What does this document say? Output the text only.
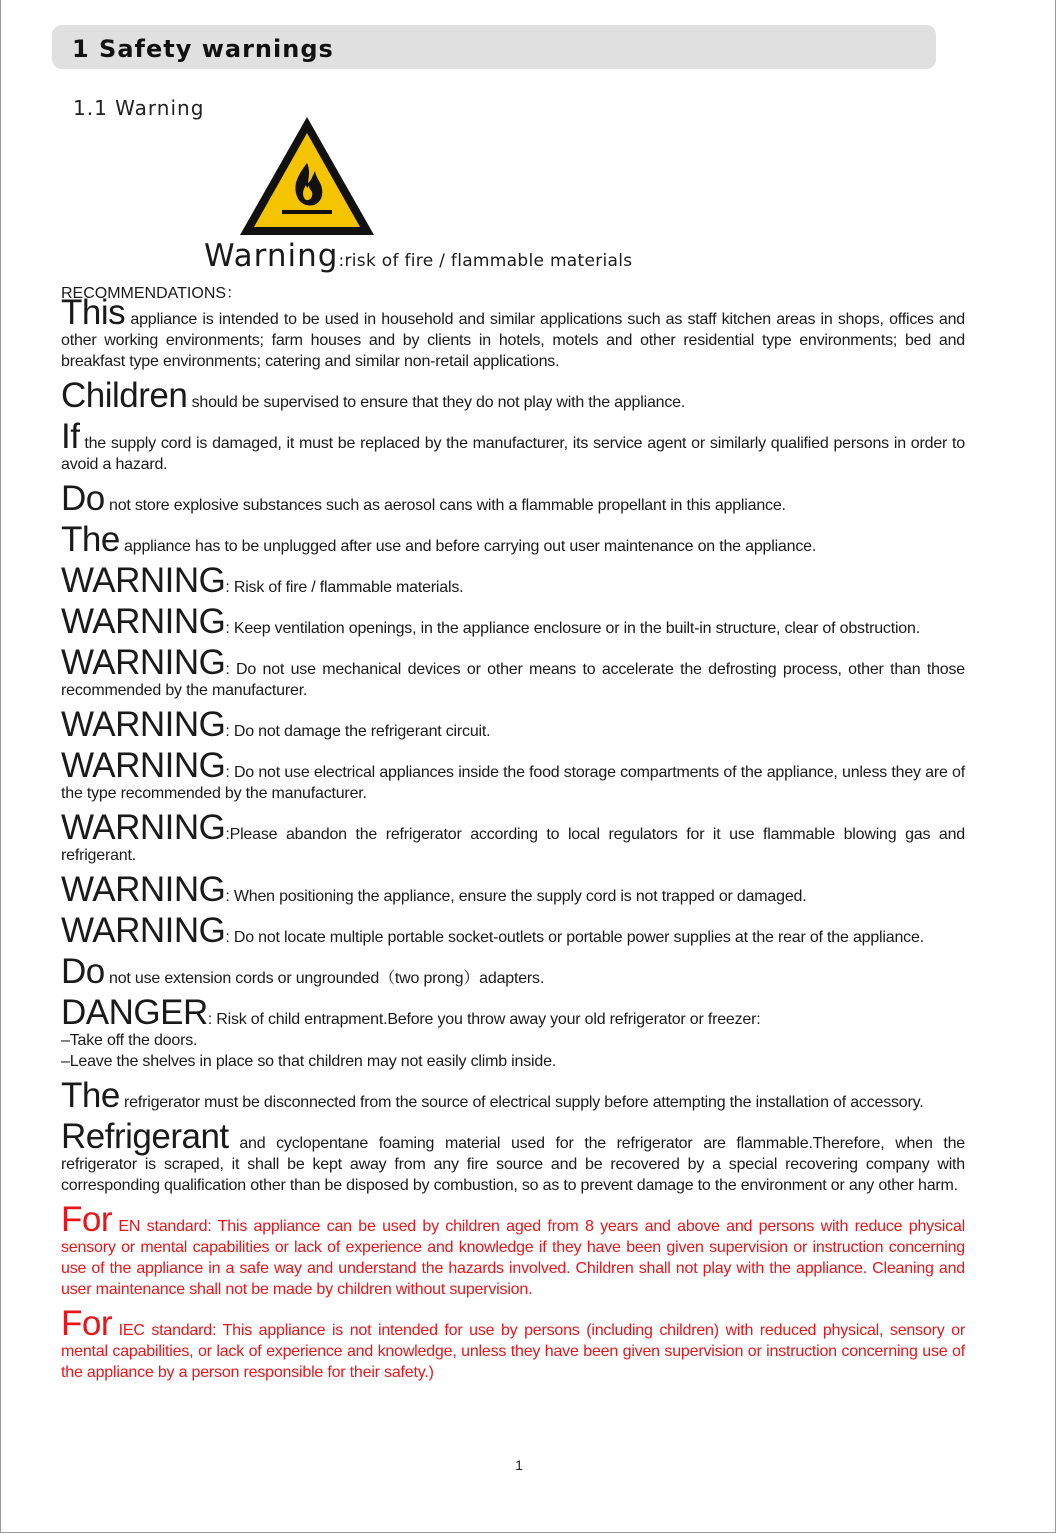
1 Safety warnings
1.1 Warning
Warning:risk of fire / flammable materials
RECOMMENDATIONS：

This appliance is intended to be used in household and similar applications such as staff kitchen areas in shops, offices and other working environments; farm houses and by clients in hotels, motels and other residential type environments; bed and breakfast type environments; catering and similar non-retail applications.

Children should be supervised to ensure that they do not play with the appliance.

If the supply cord is damaged, it must be replaced by the manufacturer, its service agent or similarly qualified persons in order to avoid a hazard.

Do not store explosive substances such as aerosol cans with a flammable propellant in this appliance.

The appliance has to be unplugged after use and before carrying out user maintenance on the appliance.

WARNING: Risk of fire / flammable materials.

WARNING: Keep ventilation openings, in the appliance enclosure or in the built-in structure, clear of obstruction.

WARNING: Do not use mechanical devices or other means to accelerate the defrosting process, other than those recommended by the manufacturer.

WARNING: Do not damage the refrigerant circuit.

WARNING: Do not use electrical appliances inside the food storage compartments of the appliance, unless they are of the type recommended by the manufacturer.

WARNING:Please abandon the refrigerator according to local regulators for it use flammable blowing gas and refrigerant.

WARNING: When positioning the appliance, ensure the supply cord is not trapped or damaged.

WARNING: Do not locate multiple portable socket-outlets or portable power supplies at the rear of the appliance.

Do not use extension cords or ungrounded（two prong）adapters.

DANGER: Risk of child entrapment.Before you throw away your old refrigerator or freezer:

–Take off the doors.

–Leave the shelves in place so that children may not easily climb inside.

The refrigerator must be disconnected from the source of electrical supply before attempting the installation of accessory.

Refrigerant and cyclopentane foaming material used for the refrigerator are flammable.Therefore, when the refrigerator is scraped, it shall be kept away from any fire source and be recovered by a special recovering company with corresponding qualification other than be disposed by combustion, so as to prevent damage to the environment or any other harm.

For EN standard: This appliance can be used by children aged from 8 years and above and persons with reduce physical sensory or mental capabilities or lack of experience and knowledge if they have been given supervision or instruction concerning use of the appliance in a safe way and understand the hazards involved. Children shall not play with the appliance. Cleaning and user maintenance shall not be made by children without supervision.

For IEC standard: This appliance is not intended for use by persons (including children) with reduced physical, sensory or mental capabilities, or lack of experience and knowledge, unless they have been given supervision or instruction concerning use of the appliance by a person responsible for their safety.)

1
